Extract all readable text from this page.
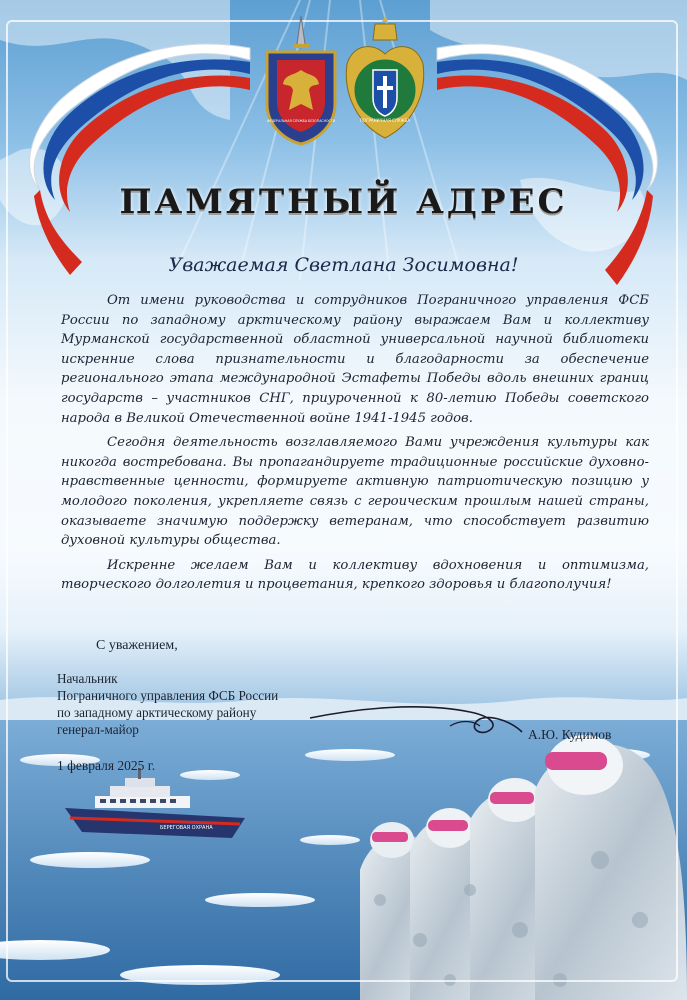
БЕРЕГОВАЯ ОХРАНА
ФЕДЕРАЛЬНАЯ СЛУЖБА БЕЗОПАСНОСТИ	ПОГРАНИЧНАЯ СЛУЖБА
ПАМЯТНЫЙ АДРЕС
Уважаемая Светлана Зосимовна!

От имени руководства и сотрудников Пограничного управления ФСБ России по западному арктическому району выражаем Вам и коллективу Мурманской государственной областной универсальной научной библиотеки искренние слова признательности и благодарности за обеспечение регионального этапа международной Эстафеты Победы вдоль внешних границ государств – участников СНГ, приуроченной к 80-летию Победы советского народа в Великой Отечественной войне 1941-1945 годов.

Сегодня деятельность возглавляемого Вами учреждения культуры как никогда востребована. Вы пропагандируете традиционные российские духовно-нравственные ценности, формируете активную патриотическую позицию у молодого поколения, укрепляете связь с героическим прошлым нашей страны, оказываете значимую поддержку ветеранам, что способствует развитию духовной культуры общества.

Искренне желаем Вам и коллективу вдохновения и оптимизма, творческого долголетия и процветания, крепкого здоровья и благополучия!

С уважением,
Начальник
Пограничного управления ФСБ России
по западному арктическому району
генерал-майор	А.Ю. Кудимов
1 февраля 2025 г.
